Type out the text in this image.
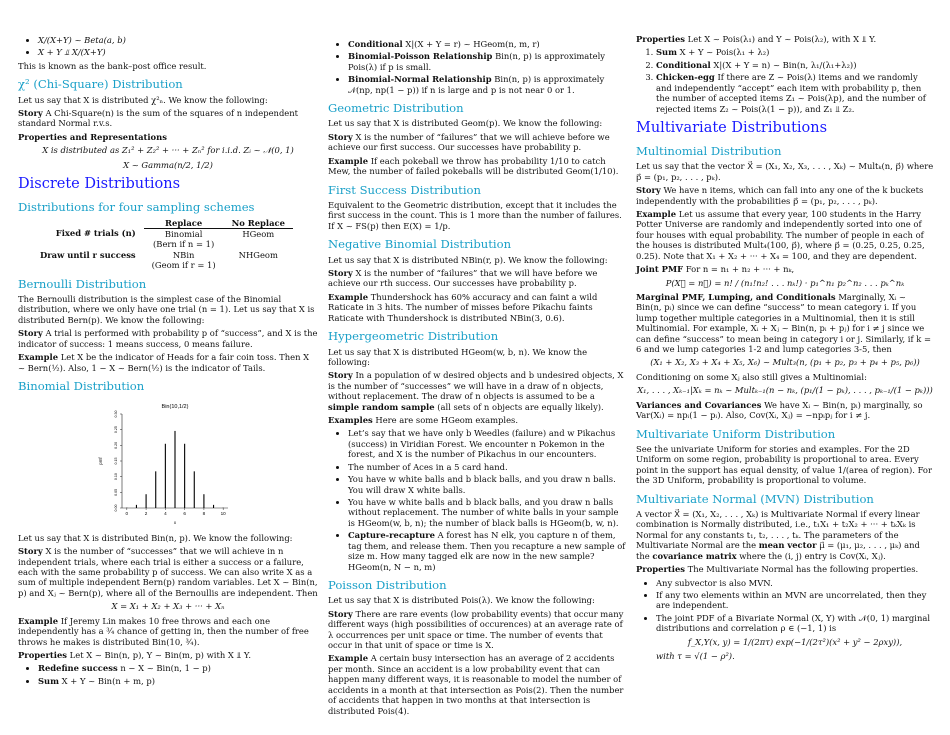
• X/(X+Y) ~ Beta(a, b)
• X + Y ⫫ X/(X+Y)

This is known as the bank–post office result.

χ² (Chi-Square) Distribution

Let us say that X is distributed χ²ₙ. We know the following:

Story A Chi-Square(n) is the sum of the squares of n independent standard Normal r.v.s.

Properties and Representations

X is distributed as Z₁² + Z₂² + ··· + Zₙ² for i.i.d. Zᵢ ~ 𝒩(0, 1)

X ~ Gamma(n/2, 1/2)

Discrete Distributions
Distributions for four sampling schemes
	Replace	No Replace
Fixed # trials (n)	Binomial
(Bern if n = 1)	HGeom
Draw until r success	NBin
(Geom if r = 1)	NHGeom
Bernoulli Distribution

The Bernoulli distribution is the simplest case of the Binomial distribution, where we only have one trial (n = 1). Let us say that X is distributed Bern(p). We know the following:

Story A trial is performed with probability p of “success”, and X is the indicator of success: 1 means success, 0 means failure.

Example Let X be the indicator of Heads for a fair coin toss. Then X ~ Bern(½). Also, 1 − X ~ Bern(½) is the indicator of Tails.

Binomial Distribution
Bin(10,1/2)
0.00
0.05
0.10
0.15
0.20
0.25
0.30
0	2	4	6	8	10
x
pmf

Let us say that X is distributed Bin(n, p). We know the following:

Story X is the number of “successes” that we will achieve in n independent trials, where each trial is either a success or a failure, each with the same probability p of success. We can also write X as a sum of multiple independent Bern(p) random variables. Let X ~ Bin(n, p) and Xⱼ ~ Bern(p), where all of the Bernoullis are independent. Then

X = X₁ + X₂ + X₃ + ··· + Xₙ

Example If Jeremy Lin makes 10 free throws and each one independently has a ¾ chance of getting in, then the number of free throws he makes is distributed Bin(10, ¾).

Properties Let X ~ Bin(n, p), Y ~ Bin(m, p) with X ⫫ Y.

• Redefine success n − X ~ Bin(n, 1 − p)
• Sum X + Y ~ Bin(n + m, p)
• Conditional X|(X + Y = r) ~ HGeom(n, m, r)
• Binomial-Poisson Relationship Bin(n, p) is approximately Pois(λ) if p is small.
• Binomial-Normal Relationship Bin(n, p) is approximately 𝒩(np, np(1 − p)) if n is large and p is not near 0 or 1.
Geometric Distribution

Let us say that X is distributed Geom(p). We know the following:

Story X is the number of “failures” that we will achieve before we achieve our first success. Our successes have probability p.

Example If each pokeball we throw has probability 1/10 to catch Mew, the number of failed pokeballs will be distributed Geom(1/10).

First Success Distribution

Equivalent to the Geometric distribution, except that it includes the first success in the count. This is 1 more than the number of failures. If X ~ FS(p) then E(X) = 1/p.

Negative Binomial Distribution

Let us say that X is distributed NBin(r, p). We know the following:

Story X is the number of “failures” that we will have before we achieve our rth success. Our successes have probability p.

Example Thundershock has 60% accuracy and can faint a wild Raticate in 3 hits. The number of misses before Pikachu faints Raticate with Thundershock is distributed NBin(3, 0.6).

Hypergeometric Distribution

Let us say that X is distributed HGeom(w, b, n). We know the following:

Story In a population of w desired objects and b undesired objects, X is the number of “successes” we will have in a draw of n objects, without replacement. The draw of n objects is assumed to be a simple random sample (all sets of n objects are equally likely).

Examples Here are some HGeom examples.

• Let’s say that we have only b Weedles (failure) and w Pikachus (success) in Viridian Forest. We encounter n Pokemon in the forest, and X is the number of Pikachus in our encounters.
• The number of Aces in a 5 card hand.
• You have w white balls and b black balls, and you draw n balls. You will draw X white balls.
• You have w white balls and b black balls, and you draw n balls without replacement. The number of white balls in your sample is HGeom(w, b, n); the number of black balls is HGeom(b, w, n).
• Capture-recapture A forest has N elk, you capture n of them, tag them, and release them. Then you recapture a new sample of size m. How many tagged elk are now in the new sample? HGeom(n, N − n, m)
Poisson Distribution

Let us say that X is distributed Pois(λ). We know the following:

Story There are rare events (low probability events) that occur many different ways (high possibilities of occurences) at an average rate of λ occurrences per unit space or time. The number of events that occur in that unit of space or time is X.

Example A certain busy intersection has an average of 2 accidents per month. Since an accident is a low probability event that can happen many different ways, it is reasonable to model the number of accidents in a month at that intersection as Pois(2). Then the number of accidents that happen in two months at that intersection is distributed Pois(4).

Properties Let X ~ Pois(λ₁) and Y ~ Pois(λ₂), with X ⫫ Y.

1. Sum X + Y ~ Pois(λ₁ + λ₂)
2. Conditional X|(X + Y = n) ~ Bin(n, λ₁/(λ₁+λ₂))
3. Chicken-egg If there are Z ~ Pois(λ) items and we randomly and independently “accept” each item with probability p, then the number of accepted items Z₁ ~ Pois(λp), and the number of rejected items Z₂ ~ Pois(λ(1 − p)), and Z₁ ⫫ Z₂.
Multivariate Distributions
Multinomial Distribution

Let us say that the vector X⃗ = (X₁, X₂, X₃, . . . , Xₖ) ~ Multₖ(n, p⃗) where p⃗ = (p₁, p₂, . . . , pₖ).

Story We have n items, which can fall into any one of the k buckets independently with the probabilities p⃗ = (p₁, p₂, . . . , pₖ).

Example Let us assume that every year, 100 students in the Harry Potter Universe are randomly and independently sorted into one of four houses with equal probability. The number of people in each of the houses is distributed Mult₄(100, p⃗), where p⃗ = (0.25, 0.25, 0.25, 0.25). Note that X₁ + X₂ + ··· + X₄ = 100, and they are dependent.

Joint PMF For n = n₁ + n₂ + ··· + nₖ,

P(X⃗ = n⃗) = n! / (n₁!n₂! . . . nₖ!) · p₁^n₁ p₂^n₂ . . . pₖ^nₖ

Marginal PMF, Lumping, and Conditionals Marginally, Xᵢ ~ Bin(n, pᵢ) since we can define “success” to mean category i. If you lump together multiple categories in a Multinomial, then it is still Multinomial. For example, Xᵢ + Xⱼ ~ Bin(n, pᵢ + pⱼ) for i ≠ j since we can define “success” to mean being in category i or j. Similarly, if k = 6 and we lump categories 1-2 and lump categories 3-5, then

(X₁ + X₂, X₃ + X₄ + X₅, X₆) ~ Mult₃(n, (p₁ + p₂, p₃ + p₄ + p₅, p₆))

Conditioning on some Xⱼ also still gives a Multinomial:

X₁, . . . , Xₖ₋₁|Xₖ = nₖ ~ Multₖ₋₁(n − nₖ, (p₁/(1 − pₖ), . . . , pₖ₋₁/(1 − pₖ)))

Variances and Covariances We have Xᵢ ~ Bin(n, pᵢ) marginally, so Var(Xᵢ) = npᵢ(1 − pᵢ). Also, Cov(Xᵢ, Xⱼ) = −npᵢpⱼ for i ≠ j.

Multivariate Uniform Distribution

See the univariate Uniform for stories and examples. For the 2D Uniform on some region, probability is proportional to area. Every point in the support has equal density, of value 1/(area of region). For the 3D Uniform, probability is proportional to volume.

Multivariate Normal (MVN) Distribution

A vector X⃗ = (X₁, X₂, . . . , Xₖ) is Multivariate Normal if every linear combination is Normally distributed, i.e., t₁X₁ + t₂X₂ + ··· + tₖXₖ is Normal for any constants t₁, t₂, . . . , tₖ. The parameters of the Multivariate Normal are the mean vector μ⃗ = (μ₁, μ₂, . . . , μₖ) and the covariance matrix where the (i, j) entry is Cov(Xᵢ, Xⱼ).

Properties The Multivariate Normal has the following properties.

• Any subvector is also MVN.
• If any two elements within an MVN are uncorrelated, then they are independent.
• The joint PDF of a Bivariate Normal (X, Y) with 𝒩(0, 1) marginal distributions and correlation ρ ∈ (−1, 1) is
f_X,Y(x, y) = 1/(2πτ) exp(−1/(2τ²)(x² + y² − 2ρxy)),
with τ = √(1 − ρ²).
